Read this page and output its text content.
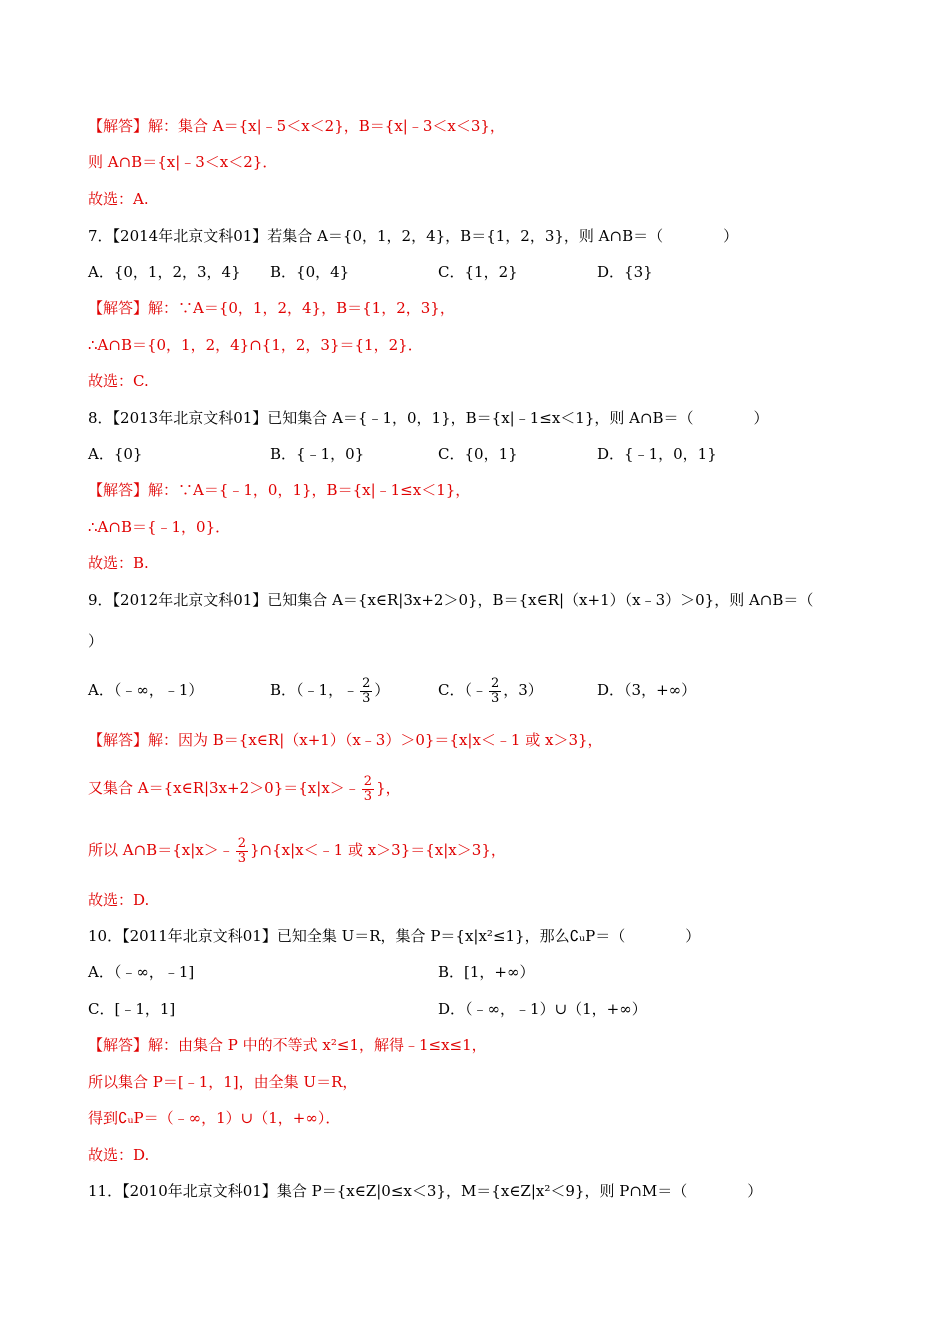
【解答】解：集合 A＝{x|﹣5＜x＜2}，B＝{x|﹣3＜x＜3}，
则 A∩B＝{x|﹣3＜x＜2}．
故选：A.
7．【2014年北京文科01】若集合 A＝{0，1，2，4}，B＝{1，2，3}，则 A∩B＝（　　　　）
A．{0，1，2，3，4} B．{0，4}	C．{1，2}	D．{3}
【解答】解：∵A＝{0，1，2，4}，B＝{1，2，3}，
∴A∩B＝{0，1，2，4}∩{1，2，3}＝{1，2}．
故选：C.
8．【2013年北京文科01】已知集合 A＝{﹣1，0，1}，B＝{x|﹣1≤x＜1}，则 A∩B＝（　　　　）
A．{0}	B．{﹣1，0}	C．{0，1}	D．{﹣1，0，1}
【解答】解：∵A＝{﹣1，0，1}，B＝{x|﹣1≤x＜1}，
∴A∩B＝{﹣1，0}．
故选：B.
9．【2012年北京文科01】已知集合 A＝{x∈R|3x+2＞0}，B＝{x∈R|（x+1）（x﹣3）＞0}，则 A∩B＝（
）
A．（﹣∞，﹣1）	B．（﹣1，﹣ $\frac{2}{3}$ ）	C．（﹣ $\frac{2}{3}$ ，3）	D．（3，+∞）
【解答】解：因为 B＝{x∈R|（x+1）（x﹣3）＞0}＝{x|x＜﹣1 或 x＞3}，
又集合 A＝{x∈R|3x+2＞0}＝{x|x＞﹣ $\frac{2}{3}$ }，
所以 A∩B＝{x|x＞﹣ $\frac{2}{3}$ }∩{x|x＜﹣1 或 x＞3}＝{x|x＞3}，
故选：D.
10．【2011年北京文科01】已知全集 U＝R，集合 P＝{x|x²≤1}，那么∁ᵤP＝（　　　　）
A．（﹣∞，﹣1]	B．[1，+∞）
C．[﹣1，1]	D．（﹣∞，﹣1）∪（1，+∞）
【解答】解：由集合 P 中的不等式 x²≤1，解得﹣1≤x≤1，
所以集合 P＝[﹣1，1]，由全集 U＝R，
得到∁ᵤP＝（﹣∞，1）∪（1，+∞）．
故选：D.
11．【2010年北京文科01】集合 P＝{x∈Z|0≤x＜3}，M＝{x∈Z|x²＜9}，则 P∩M＝（　　　　）
